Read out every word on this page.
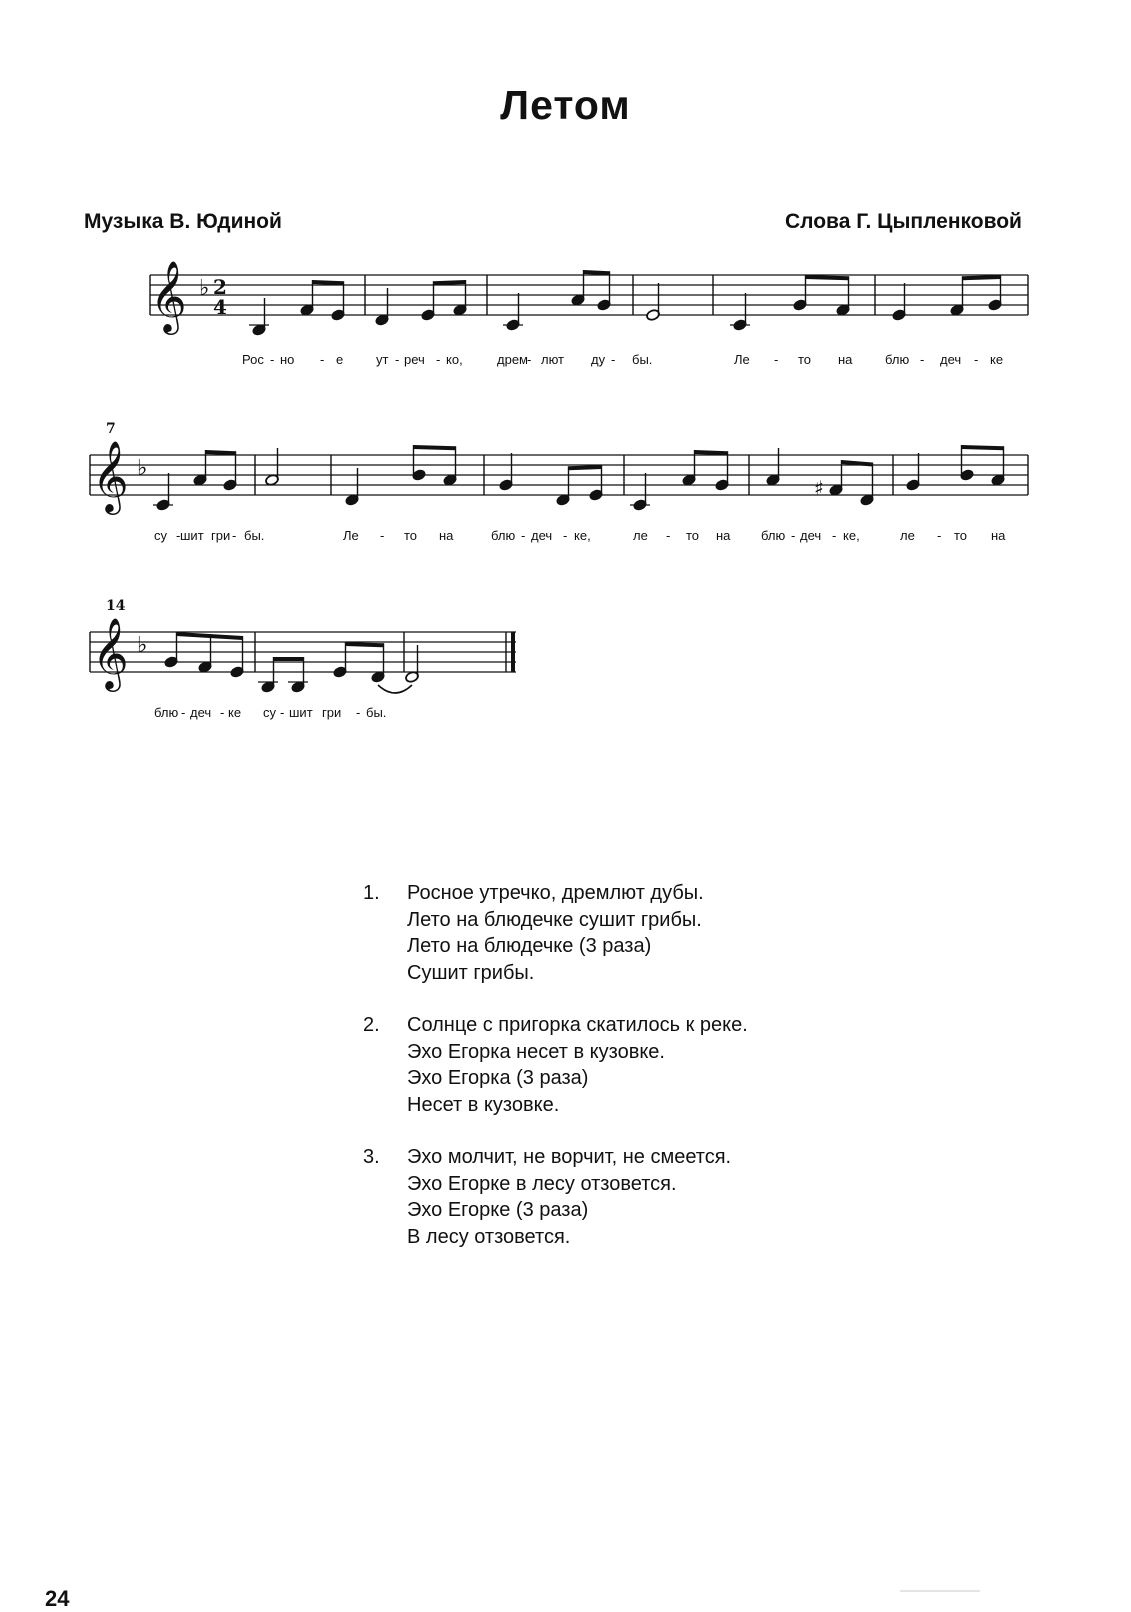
Летом
Музыка В. Юдиной	Слова Г. Цыпленковой
𝄞 ♭ 2
4
𝄞 ♭
7
♯
𝄞 ♭
14
Рос - но - е	ут - реч - ко,	дрем - лют ду - бы.	Ле - то на	блю - деч - ке
су - шит гри - бы.	Ле - то на	блю - деч - ке,	ле - то на блю - деч - ке,	ле - то на
блю - деч - ке су - шит гри - бы.
1.	Росное утречко, дремлют дубы.
Лето на блюдечке сушит грибы.
Лето на блюдечке (3 раза)
Сушит грибы.
2.	Солнце с пригорка скатилось к реке.
Эхо Егорка несет в кузовке.
Эхо Егорка (3 раза)
Несет в кузовке.
3.	Эхо молчит, не ворчит, не смеется.
Эхо Егорке в лесу отзовется.
Эхо Егорке (3 раза)
В лесу отзовется.
24
